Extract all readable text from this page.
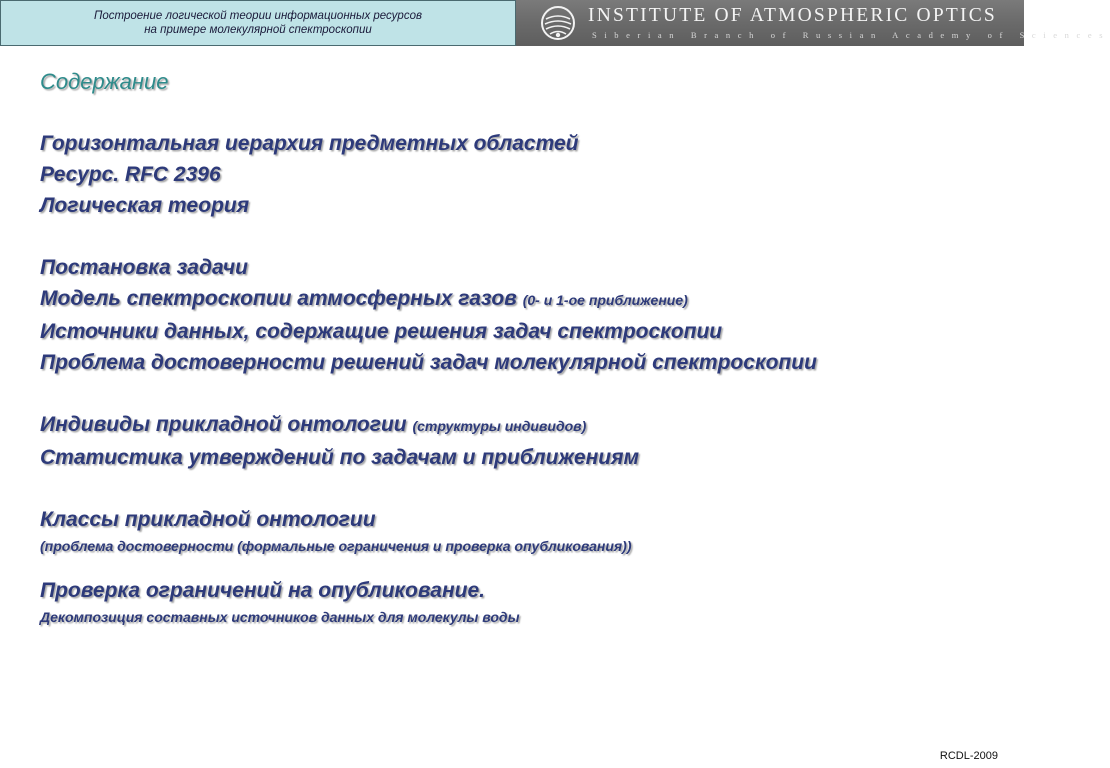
Построение логической теории информационных ресурсов
на примере молекулярной спектроскопии
INSTITUTE OF ATMOSPHERIC OPTICS
Siberian Branch of Russian Academy of Sciences
Содержание
Горизонтальная иерархия предметных областей
Ресурс. RFC 2396
Логическая теория
Постановка задачи
Модель спектроскопии атмосферных газов (0- и 1-ое приближение)
Источники данных, содержащие решения задач спектроскопии
Проблема достоверности решений задач молекулярной спектроскопии
Индивиды прикладной онтологии (структуры индивидов)
Статистика утверждений по задачам и приближениям
Классы прикладной онтологии
(проблема достоверности (формальные ограничения и проверка опубликования))
Проверка ограничений на опубликование.
Декомпозиция составных источников данных для молекулы воды
RCDL-2009
